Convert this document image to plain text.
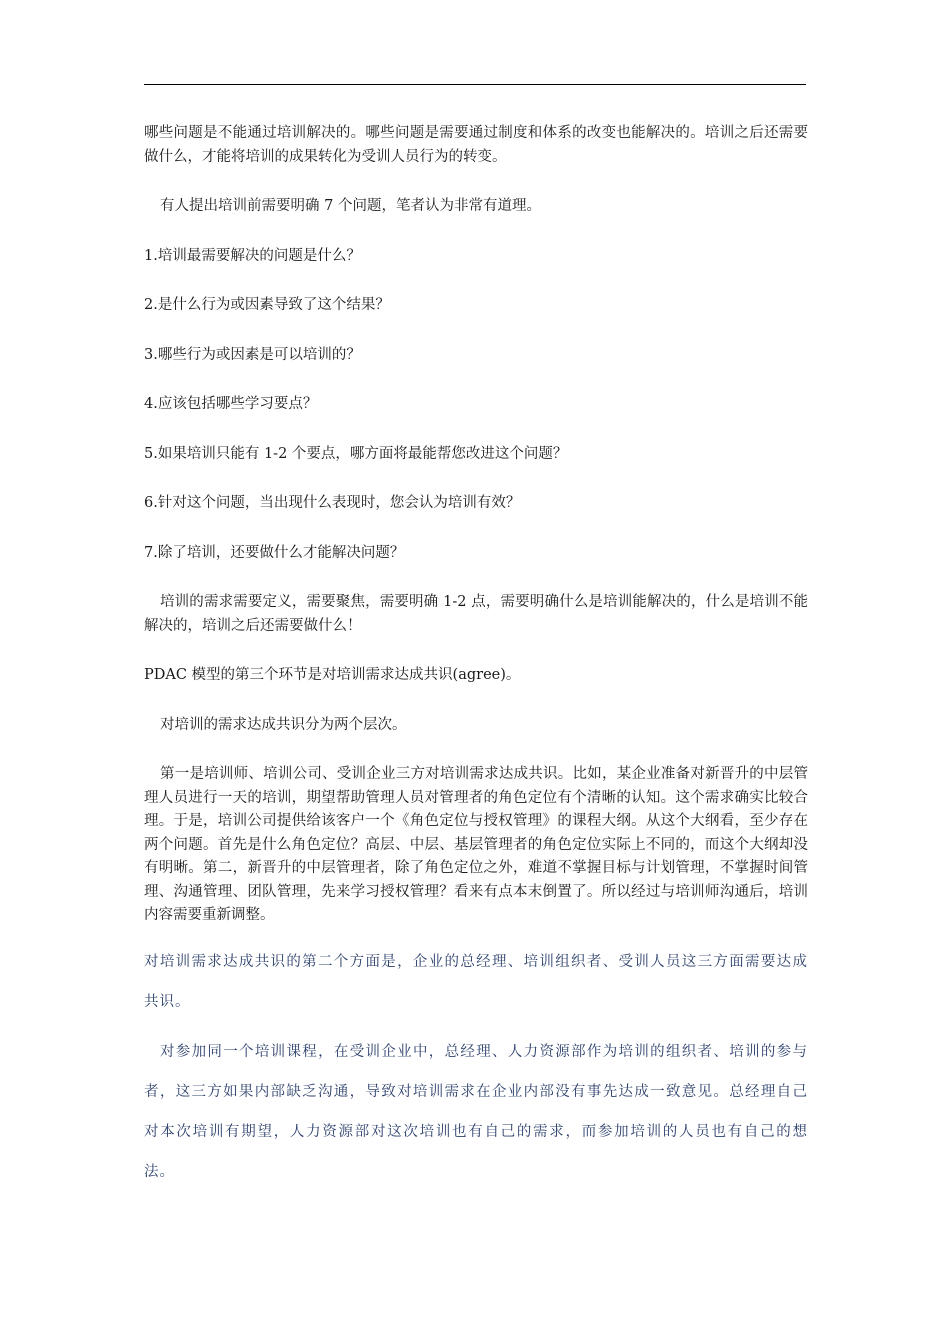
哪些问题是不能通过培训解决的。哪些问题是需要通过制度和体系的改变也能解决的。培训之后还需要做什么，才能将培训的成果转化为受训人员行为的转变。

有人提出培训前需要明确 7 个问题，笔者认为非常有道理。

1.培训最需要解决的问题是什么？

2.是什么行为或因素导致了这个结果？

3.哪些行为或因素是可以培训的？

4.应该包括哪些学习要点？

5.如果培训只能有 1-2 个要点，哪方面将最能帮您改进这个问题？

6.针对这个问题，当出现什么表现时，您会认为培训有效？

7.除了培训，还要做什么才能解决问题？

培训的需求需要定义，需要聚焦，需要明确 1-2 点，需要明确什么是培训能解决的，什么是培训不能解决的，培训之后还需要做什么！

PDAC 模型的第三个环节是对培训需求达成共识(agree)。

对培训的需求达成共识分为两个层次。

第一是培训师、培训公司、受训企业三方对培训需求达成共识。比如，某企业准备对新晋升的中层管理人员进行一天的培训，期望帮助管理人员对管理者的角色定位有个清晰的认知。这个需求确实比较合理。于是，培训公司提供给该客户一个《角色定位与授权管理》的课程大纲。从这个大纲看，至少存在两个问题。首先是什么角色定位？高层、中层、基层管理者的角色定位实际上不同的，而这个大纲却没有明晰。第二，新晋升的中层管理者，除了角色定位之外，难道不掌握目标与计划管理，不掌握时间管理、沟通管理、团队管理，先来学习授权管理？看来有点本末倒置了。所以经过与培训师沟通后，培训内容需要重新调整。

对培训需求达成共识的第二个方面是，企业的总经理、培训组织者、受训人员这三方面需要达成共识。

对参加同一个培训课程，在受训企业中，总经理、人力资源部作为培训的组织者、培训的参与者，这三方如果内部缺乏沟通，导致对培训需求在企业内部没有事先达成一致意见。总经理自己对本次培训有期望，人力资源部对这次培训也有自己的需求，而参加培训的人员也有自己的想法。
